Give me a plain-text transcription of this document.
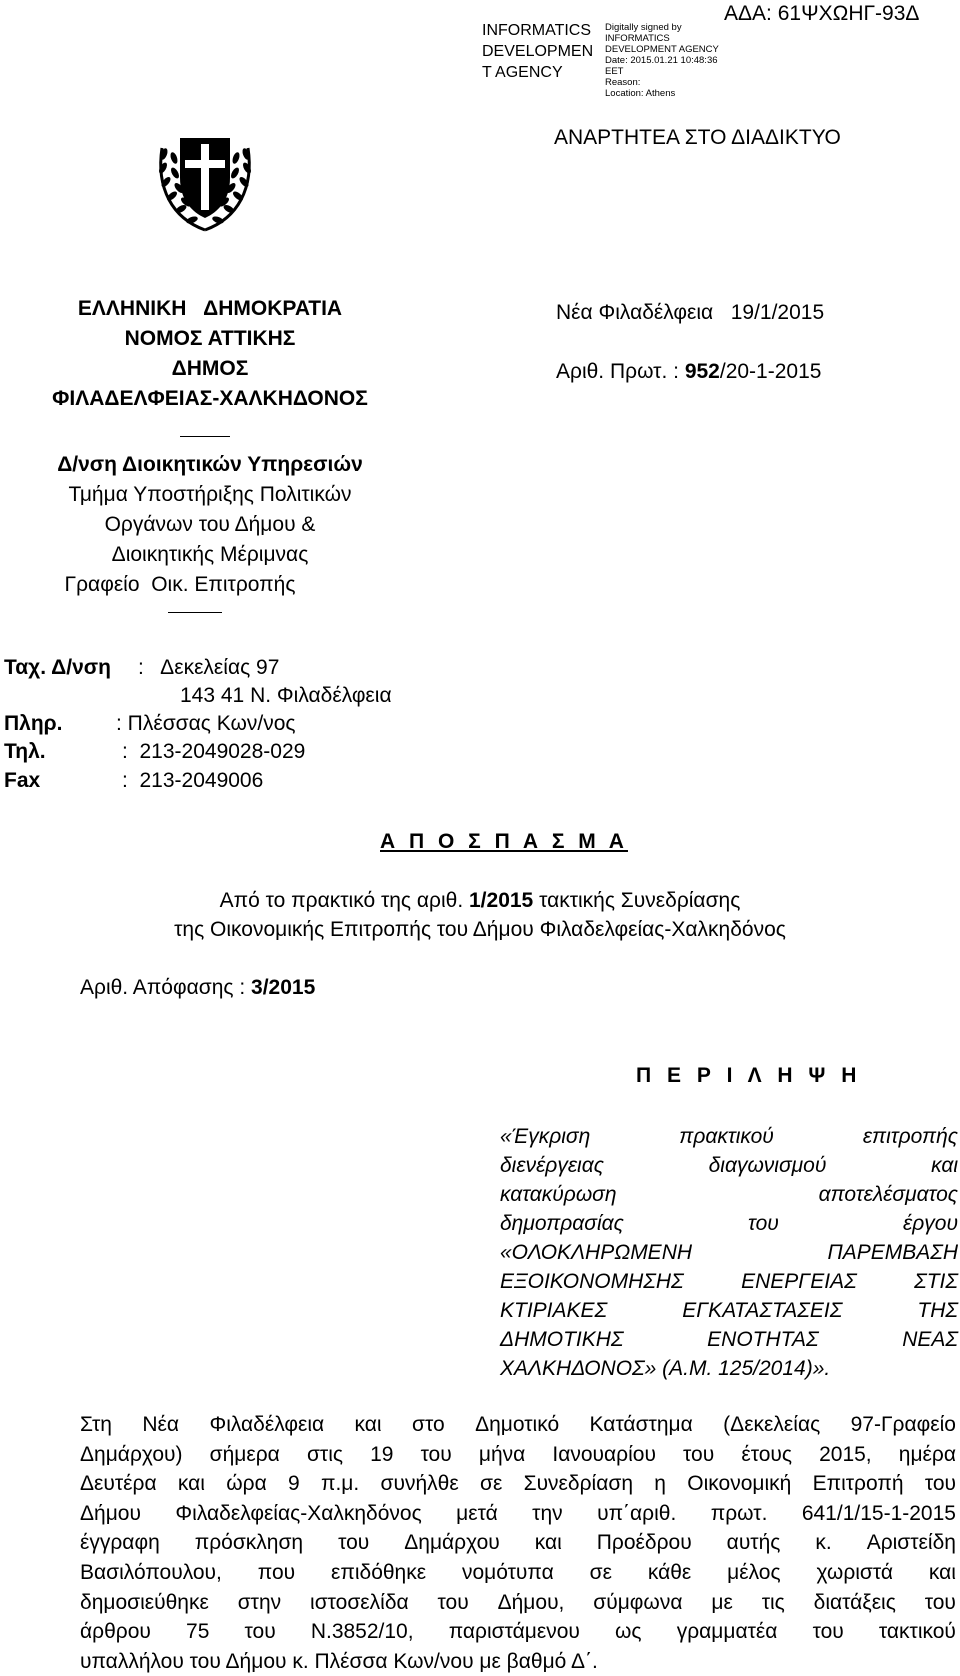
INFORMATICS
DEVELOPMEN
T AGENCY
Digitally signed by
INFORMATICS
DEVELOPMENT AGENCY
Date: 2015.01.21 10:48:36
EET
Reason:
Location: Athens
ΑΔΑ: 61ΨΧΩΗΓ-93Δ
ΑΝΑΡΤΗΤΕΑ ΣΤΟ ΔΙΑΔΙΚΤΥΟ
ΕΛΛΗΝΙΚΗ   ΔΗΜΟΚΡΑΤΙΑ
ΝΟΜΟΣ ΑΤΤΙΚΗΣ
ΔΗΜΟΣ
ΦΙΛΑΔΕΛΦΕΙΑΣ-ΧΑΛΚΗΔΟΝΟΣ
Δ/νση Διοικητικών Υπηρεσιών
Τμήμα Υποστήριξης Πολιτικών
Οργάνων του Δήμου &
Διοικητικής Μέριμνας
Γραφείο  Οικ. Επιτροπής
Νέα Φιλαδέλφεια   19/1/2015
Αριθ. Πρωτ. : 952/20-1-2015
Ταχ. Δ/νση :   Δεκελείας 97
143 41 Ν. Φιλαδέλφεια
Πληρ.	: Πλέσσας Κων/νος
Τηλ.	:  213-2049028-029
Fax	:  213-2049006
Α Π Ο Σ Π Α Σ Μ Α
Από το πρακτικό της αριθ. 1/2015 τακτικής Συνεδρίασης
της Οικονομικής Επιτροπής του Δήμου Φιλαδελφείας-Χαλκηδόνος
Αριθ. Απόφασης : 3/2015
Π Ε Ρ Ι Λ Η Ψ Η
«Έγκριση	πρακτικού	επιτροπής
διενέργειας	διαγωνισμού	και
κατακύρωση	αποτελέσματος
δημοπρασίας	του	έργου
«ΟΛΟΚΛΗΡΩΜΕΝΗ	ΠΑΡΕΜΒΑΣΗ
ΕΞΟΙΚΟΝΟΜΗΣΗΣ	ΕΝΕΡΓΕΙΑΣ	ΣΤΙΣ
ΚΤΙΡΙΑΚΕΣ	ΕΓΚΑΤΑΣΤΑΣΕΙΣ	ΤΗΣ
ΔΗΜΟΤΙΚΗΣ	ΕΝΟΤΗΤΑΣ	ΝΕΑΣ
ΧΑΛΚΗΔΟΝΟΣ» (Α.Μ. 125/2014)».
Στη Νέα Φιλαδέλφεια και στο Δημοτικό Κατάστημα (Δεκελείας 97-Γραφείο
Δημάρχου) σήμερα στις 19 του μήνα Ιανουαρίου του έτους 2015, ημέρα
Δευτέρα και ώρα 9 π.μ. συνήλθε σε Συνεδρίαση η Οικονομική Επιτροπή του
Δήμου Φιλαδελφείας-Χαλκηδόνος μετά την υπ΄αριθ. πρωτ. 641/1/15-1-2015
έγγραφη πρόσκληση του Δημάρχου και Προέδρου αυτής κ. Αριστείδη
Βασιλόπουλου, που επιδόθηκε νομότυπα σε κάθε μέλος χωριστά και
δημοσιεύθηκε στην ιστοσελίδα του Δήμου, σύμφωνα με τις διατάξεις του
άρθρου 75 του Ν.3852/10, παριστάμενου ως γραμματέα του τακτικού
υπαλλήλου του Δήμου κ. Πλέσσα Κων/νου με βαθμό Δ΄.
